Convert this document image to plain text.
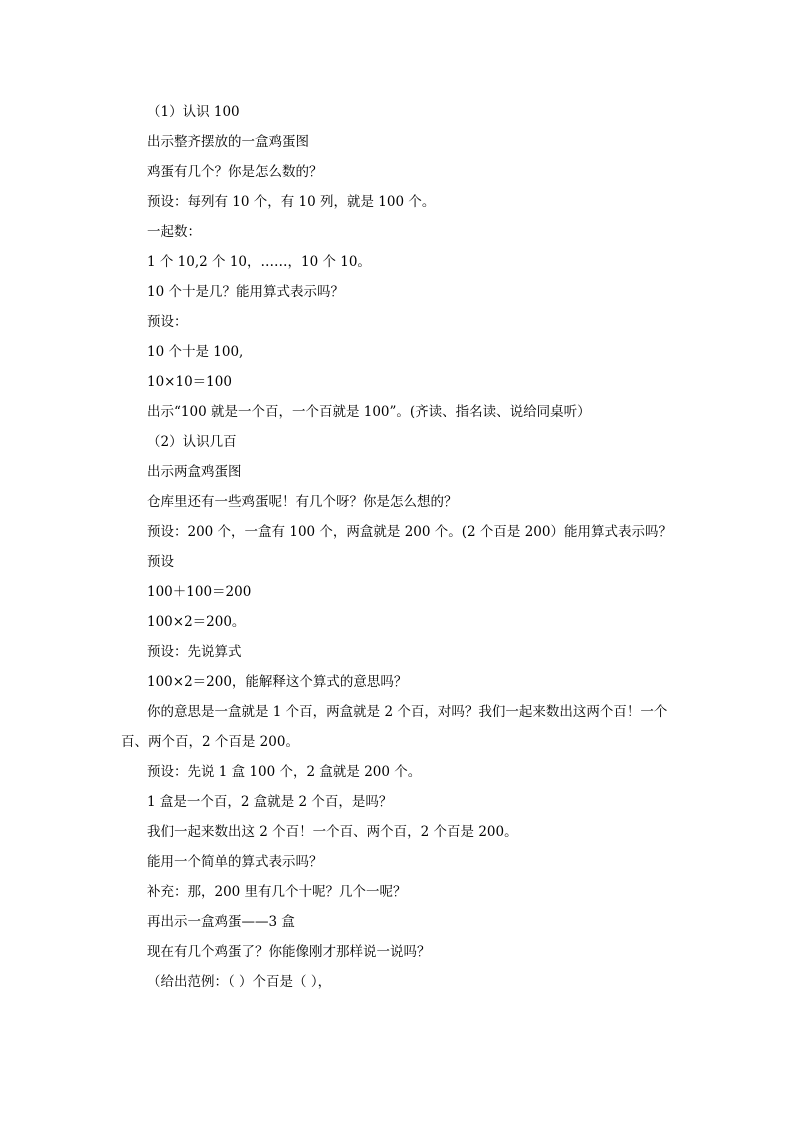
（1）认识 100
出示整齐摆放的一盒鸡蛋图
鸡蛋有几个？你是怎么数的？
预设：每列有 10 个，有 10 列，就是 100 个。
一起数：
1 个 10,2 个 10，……，10 个 10。
10 个十是几？能用算式表示吗？
预设：
10 个十是 100,
10×10＝100
出示“100 就是一个百，一个百就是 100”。(齐读、指名读、说给同桌听）
（2）认识几百
出示两盒鸡蛋图
仓库里还有一些鸡蛋呢！有几个呀？你是怎么想的？
预设：200 个，一盒有 100 个，两盒就是 200 个。(2 个百是 200）能用算式表示吗？
预设
100＋100＝200
100×2＝200。
预设：先说算式
100×2＝200，能解释这个算式的意思吗？
你的意思是一盒就是 1 个百，两盒就是 2 个百，对吗？我们一起来数出这两个百！一个
百、两个百，2 个百是 200。
预设：先说 1 盒 100 个，2 盒就是 200 个。
1 盒是一个百，2 盒就是 2 个百，是吗？
我们一起来数出这 2 个百！一个百、两个百，2 个百是 200。
能用一个简单的算式表示吗？
补充：那，200 里有几个十呢？几个一呢？
再出示一盒鸡蛋——3 盒
现在有几个鸡蛋了？你能像刚才那样说一说吗？
（给出范例：（ ）个百是（ ），
